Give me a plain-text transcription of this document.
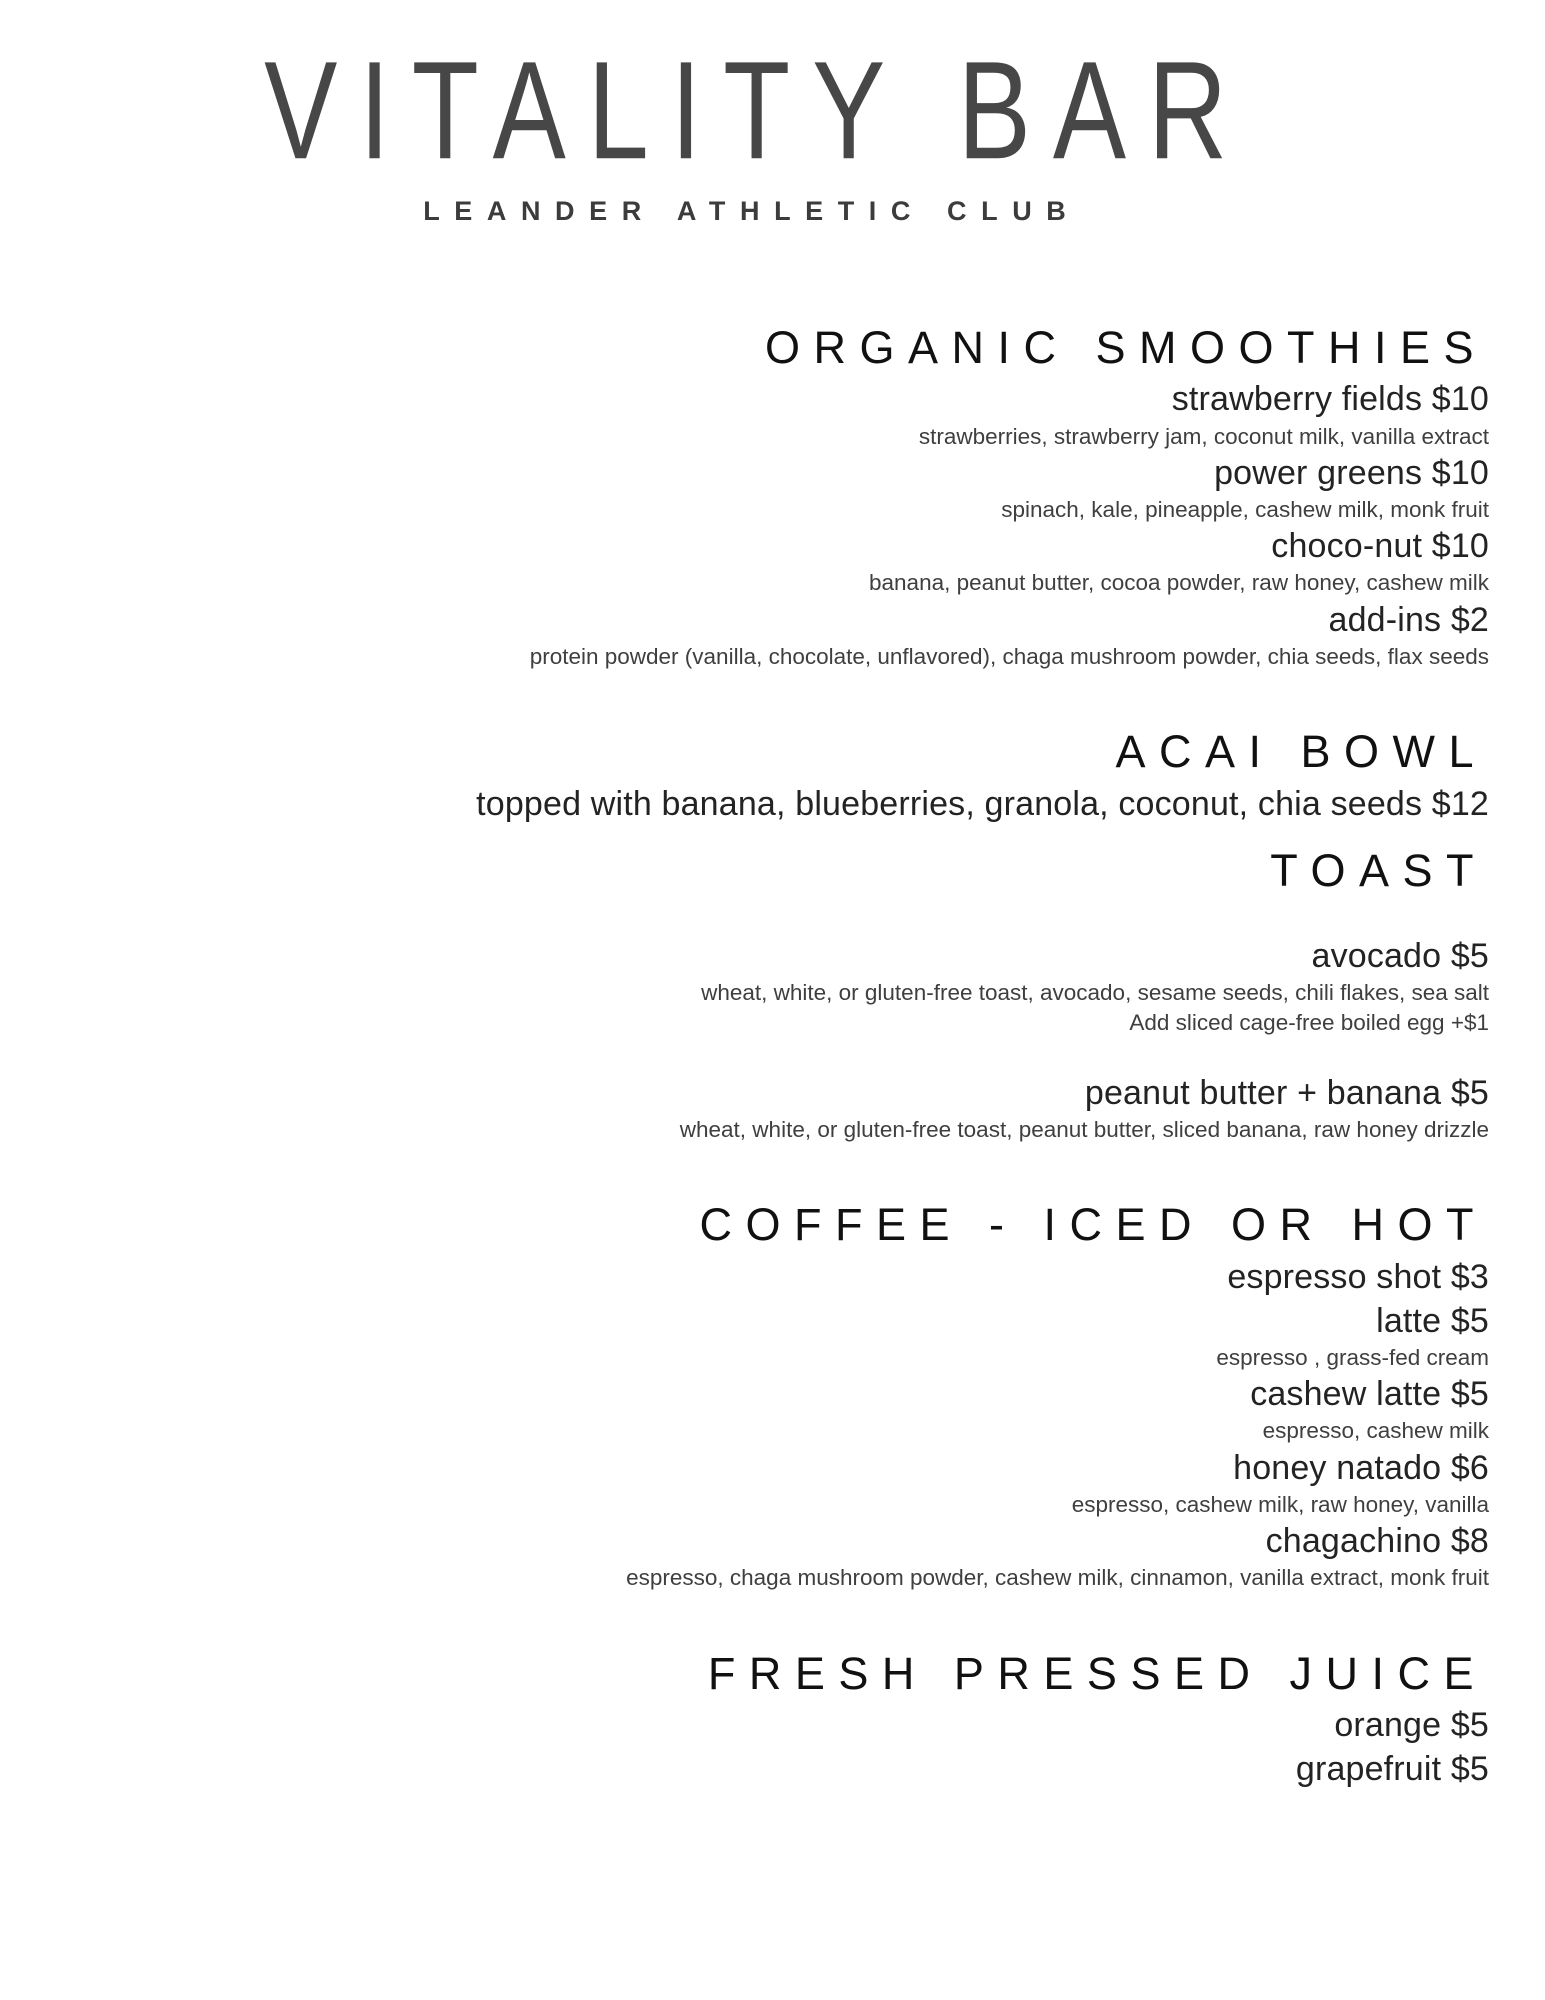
VITALITY BAR
LEANDER ATHLETIC CLUB
ORGANIC SMOOTHIES
strawberry fields $10
strawberries, strawberry jam, coconut milk, vanilla extract
power greens $10
spinach, kale, pineapple, cashew milk, monk fruit
choco-nut $10
banana, peanut butter, cocoa powder, raw honey, cashew milk
add-ins $2
protein powder (vanilla, chocolate, unflavored), chaga mushroom powder, chia seeds, flax seeds
ACAI BOWL
topped with banana, blueberries, granola, coconut, chia seeds $12
TOAST
avocado $5
wheat, white, or gluten-free toast, avocado, sesame seeds, chili flakes, sea salt
Add sliced cage-free boiled egg +$1
peanut butter + banana $5
wheat, white, or gluten-free toast, peanut butter, sliced banana, raw honey drizzle
COFFEE - ICED OR HOT
espresso shot $3
latte $5
espresso , grass-fed cream
cashew latte $5
espresso, cashew milk
honey natado $6
espresso, cashew milk, raw honey, vanilla
chagachino $8
espresso, chaga mushroom powder, cashew milk, cinnamon, vanilla extract, monk fruit
FRESH PRESSED JUICE
orange $5
grapefruit $5
